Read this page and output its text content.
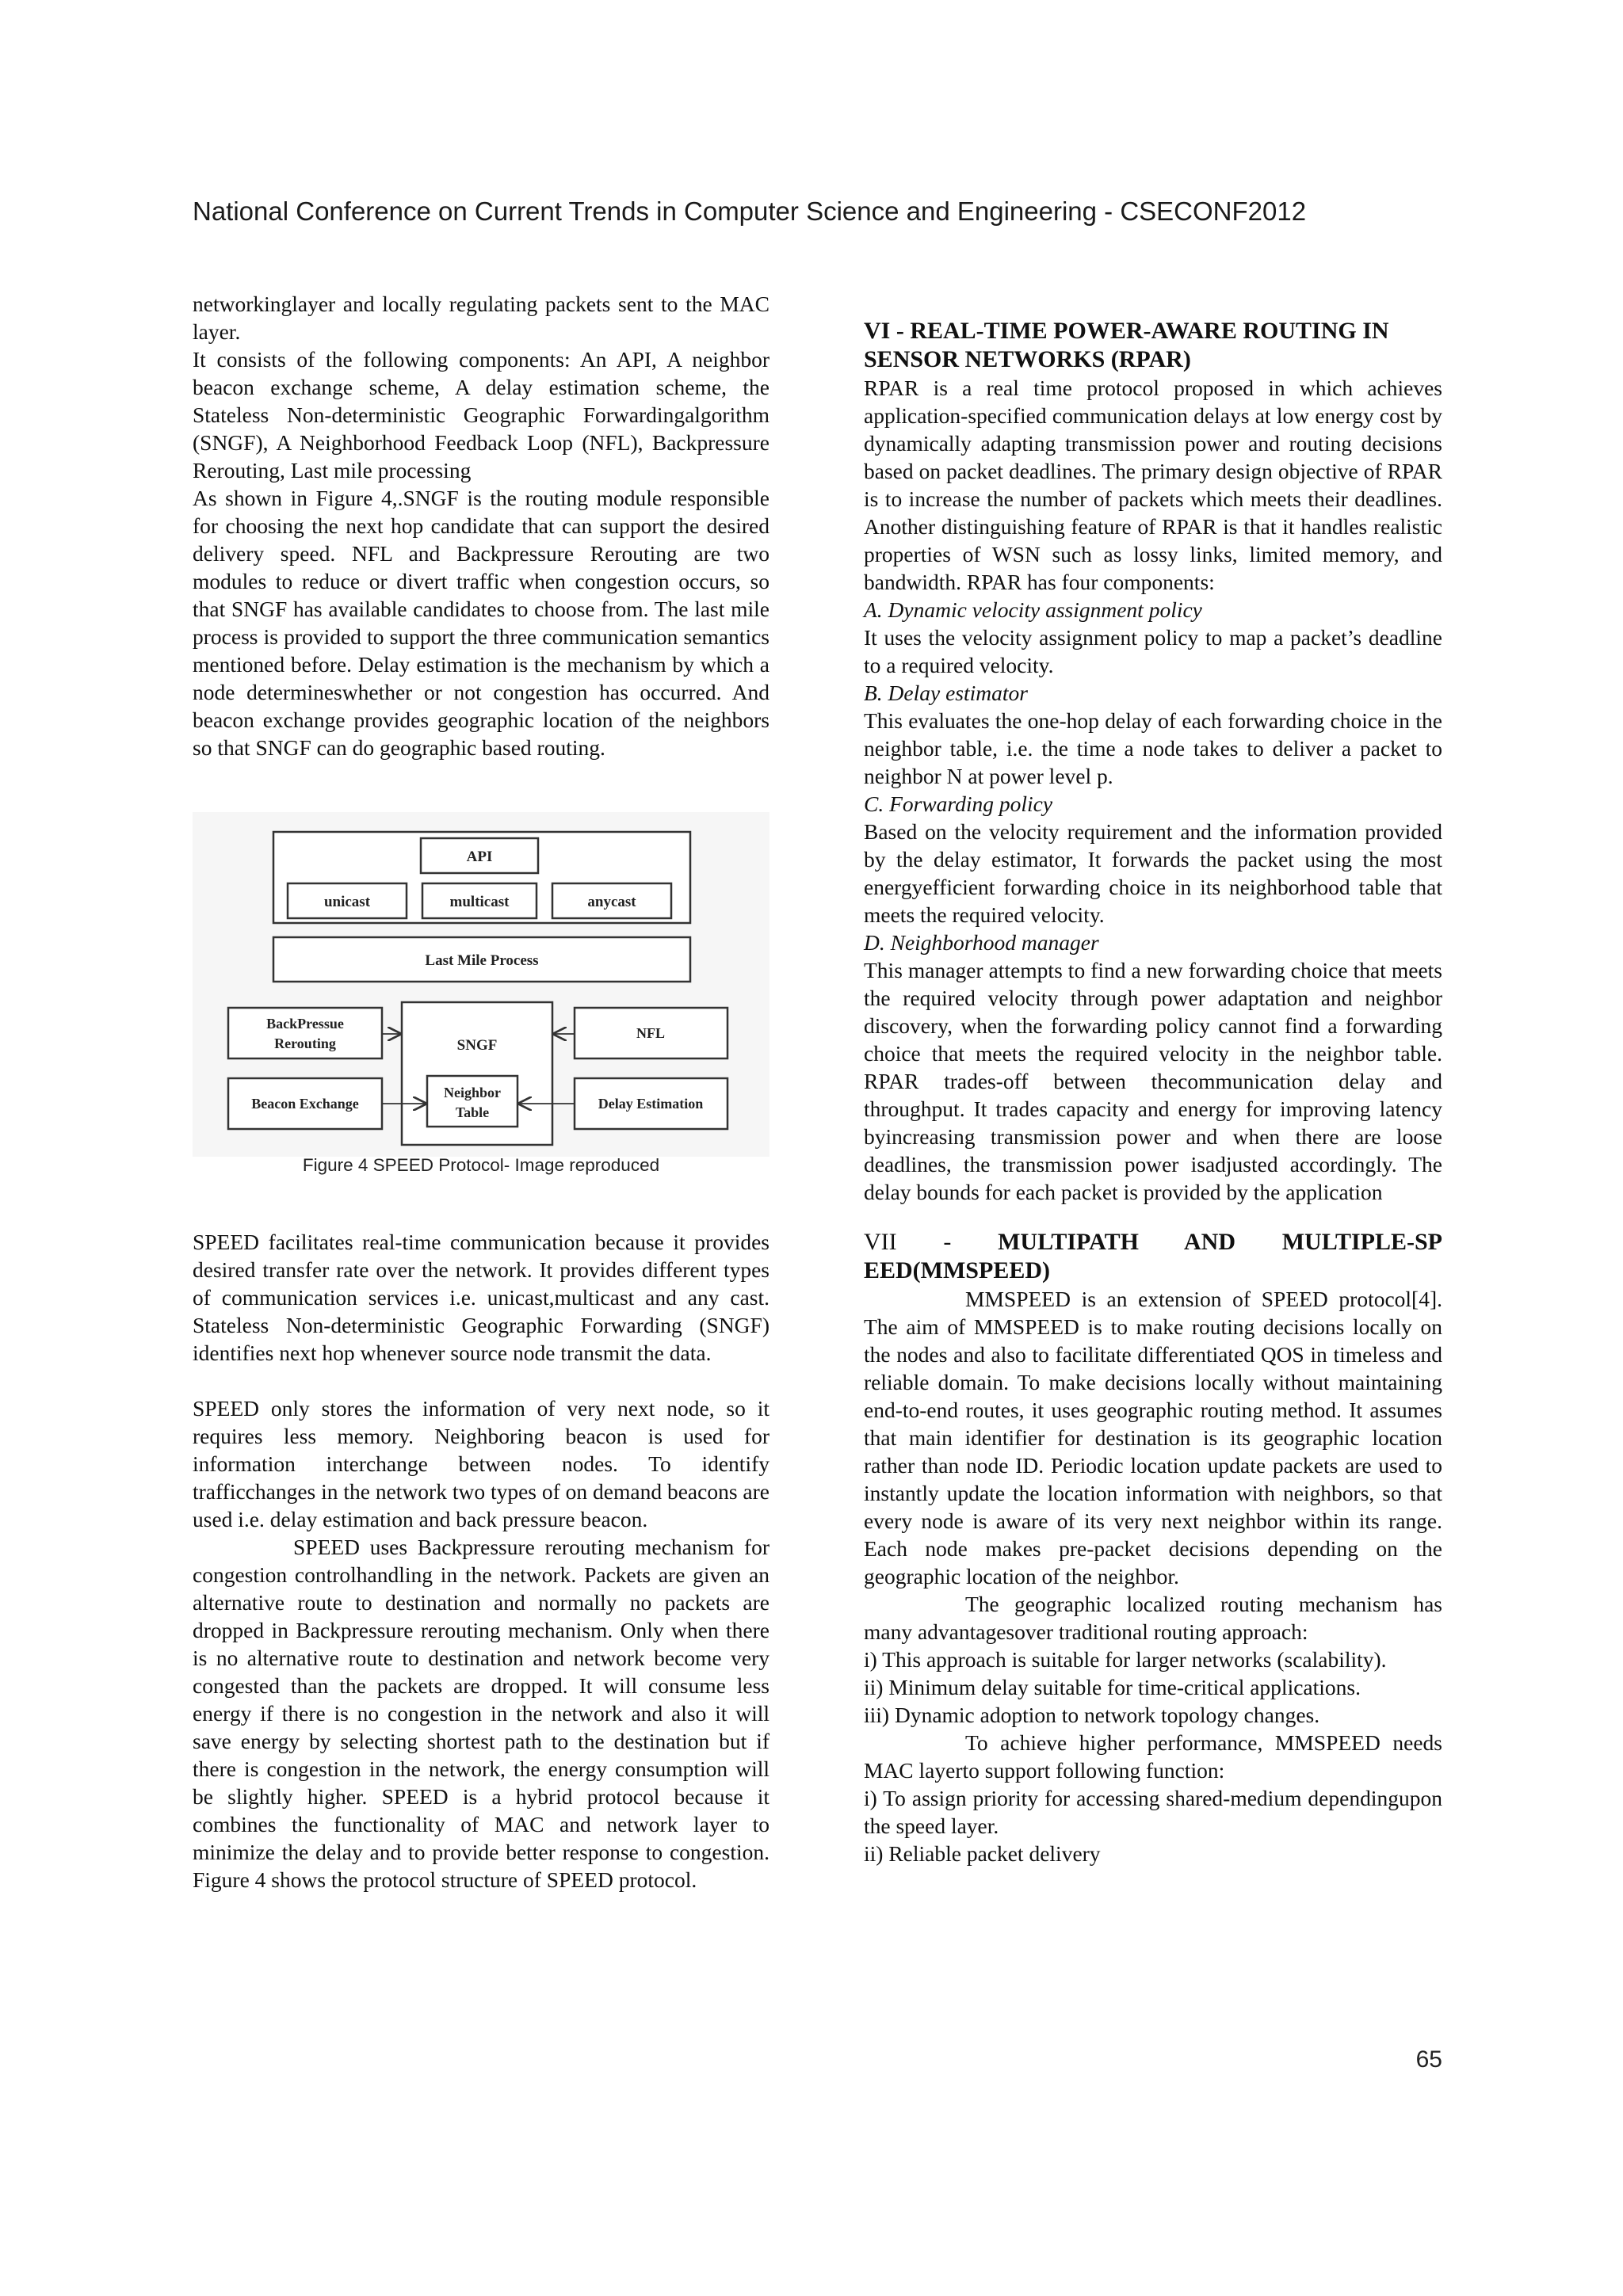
National Conference on Current Trends in Computer Science and Engineering - CSECONF2012

networkinglayer and locally regulating packets sent to the MAC layer.

It consists of the following components: An API, A neighbor beacon exchange scheme, A delay estimation scheme, the Stateless Non-deterministic Geographic Forwardingalgorithm (SNGF), A Neighborhood Feedback Loop (NFL), Backpressure Rerouting, Last mile processing

As shown in Figure 4,.SNGF is the routing module responsible for choosing the next hop candidate that can support the desired delivery speed. NFL and Backpressure Rerouting are two modules to reduce or divert traffic when congestion occurs, so that SNGF has available candidates to choose from. The last mile process is provided to support the three communication semantics mentioned before. Delay estimation is the mechanism by which a node determineswhether or not congestion has occurred. And beacon exchange provides geographic location of the neighbors so that SNGF can do geographic based routing.

API
unicast	multicast	anycast
Last Mile Process
SNGF
Neighbor
Table
BackPressue
Rerouting
Beacon Exchange
NFL
Delay Estimation
Figure 4 SPEED Protocol- Image reproduced

SPEED facilitates real-time communication because it provides desired transfer rate over the network. It provides different types of communication services i.e. unicast,multicast and any cast. Stateless Non-deterministic Geographic Forwarding (SNGF) identifies next hop whenever source node transmit the data.

SPEED only stores the information of very next node, so it requires less memory. Neighboring beacon is used for information interchange between nodes. To identify trafficchanges in the network two types of on demand beacons are used i.e. delay estimation and back pressure beacon.

SPEED uses Backpressure rerouting mechanism for congestion controlhandling in the network. Packets are given an alternative route to destination and normally no packets are dropped in Backpressure rerouting mechanism. Only when there is no alternative route to destination and network become very congested than the packets are dropped. It will consume less energy if there is no congestion in the network and also it will save energy by selecting shortest path to the destination but if there is congestion in the network, the energy consumption will be slightly higher. SPEED is a hybrid protocol because it combines the functionality of MAC and network layer to minimize the delay and to provide better response to congestion. Figure 4 shows the protocol structure of SPEED protocol.

VI - REAL-TIME POWER-AWARE ROUTING IN SENSOR NETWORKS (RPAR)

RPAR is a real time protocol proposed in which achieves application-specified communication delays at low energy cost by dynamically adapting transmission power and routing decisions based on packet deadlines. The primary design objective of RPAR is to increase the number of packets which meets their deadlines. Another distinguishing feature of RPAR is that it handles realistic properties of WSN such as lossy links, limited memory, and bandwidth. RPAR has four components:

A. Dynamic velocity assignment policy

It uses the velocity assignment policy to map a packet’s deadline to a required velocity.

B. Delay estimator

This evaluates the one-hop delay of each forwarding choice in the neighbor table, i.e. the time a node takes to deliver a packet to neighbor N at power level p.

C. Forwarding policy

Based on the velocity requirement and the information provided by the delay estimator, It forwards the packet using the most energyefficient forwarding choice in its neighborhood table that meets the required velocity.

D. Neighborhood manager

This manager attempts to find a new forwarding choice that meets the required velocity through power adaptation and neighbor discovery, when the forwarding policy cannot find a forwarding choice that meets the required velocity in the neighbor table. RPAR trades-off between thecommunication delay and throughput. It trades capacity and energy for improving latency byincreasing transmission power and when there are loose deadlines, the transmission power isadjusted accordingly. The delay bounds for each packet is provided by the application

VII - MULTIPATH AND MULTIPLE-SP EED(MMSPEED)

MMSPEED is an extension of SPEED protocol[4]. The aim of MMSPEED is to make routing decisions locally on the nodes and also to facilitate differentiated QOS in timeless and reliable domain. To make decisions locally without maintaining end-to-end routes, it uses geographic routing method. It assumes that main identifier for destination is its geographic location rather than node ID. Periodic location update packets are used to instantly update the location information with neighbors, so that every node is aware of its very next neighbor within its range. Each node makes pre-packet decisions depending on the geographic location of the neighbor.

The geographic localized routing mechanism has many advantagesover traditional routing approach:

i) This approach is suitable for larger networks (scalability).

ii) Minimum delay suitable for time-critical applications.

iii) Dynamic adoption to network topology changes.

To achieve higher performance, MMSPEED needs MAC layerto support following function:

i) To assign priority for accessing shared-medium dependingupon the speed layer.

ii) Reliable packet delivery

65
